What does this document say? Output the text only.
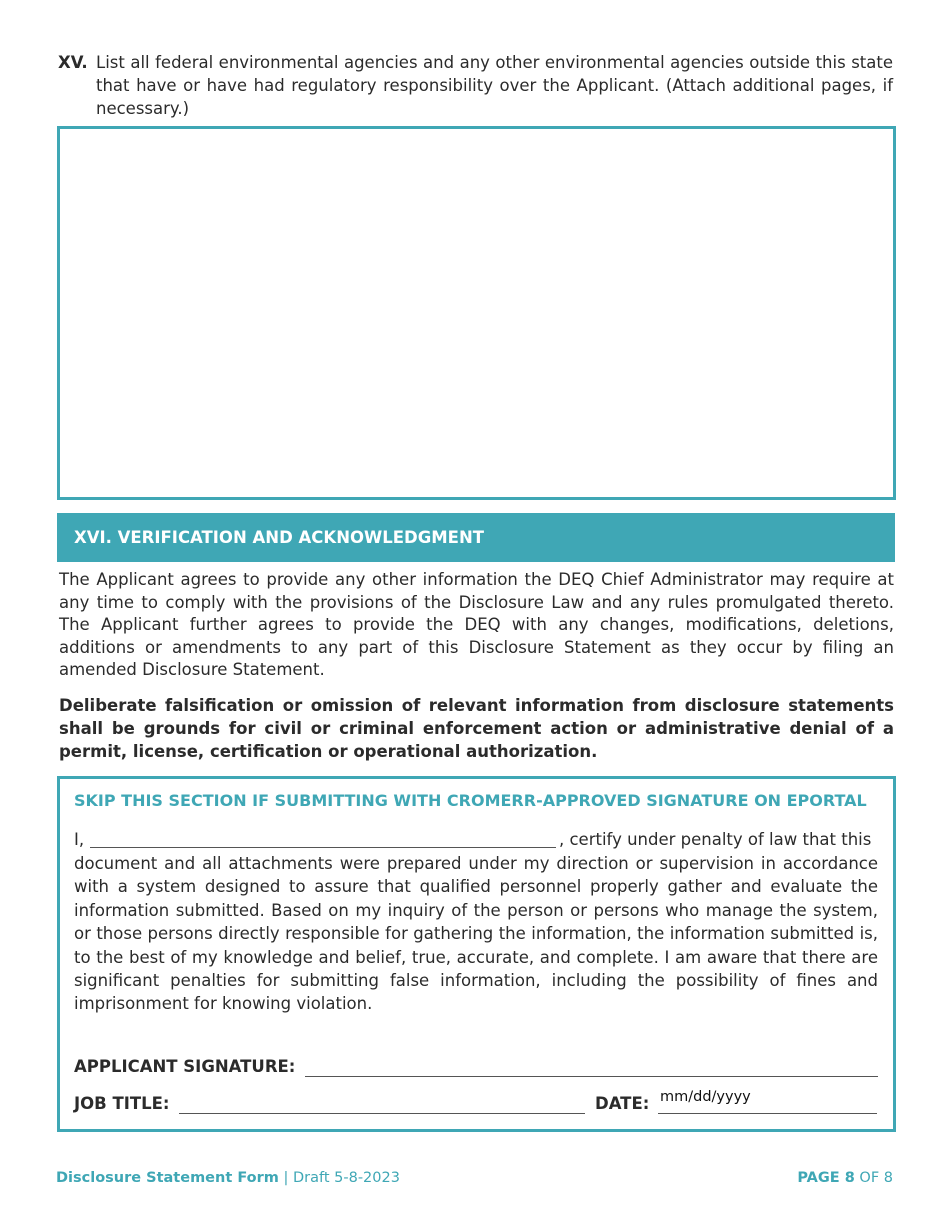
XV. List all federal environmental agencies and any other environmental agencies outside this state that have or have had regulatory responsibility over the Applicant. (Attach additional pages, if necessary.)
XVI. VERIFICATION AND ACKNOWLEDGMENT
The Applicant agrees to provide any other information the DEQ Chief Administrator may require at any time to comply with the provisions of the Disclosure Law and any rules promulgated thereto. The Applicant further agrees to provide the DEQ with any changes, modifications, deletions, additions or amendments to any part of this Disclosure Statement as they occur by filing an amended Disclosure Statement.
Deliberate falsification or omission of relevant information from disclosure statements shall be grounds for civil or criminal enforcement action or administrative denial of a permit, license, certification or operational authorization.
SKIP THIS SECTION IF SUBMITTING WITH CROMERR-APPROVED SIGNATURE ON EPORTAL
I,	, certify under penalty of law that this
document and all attachments were prepared under my direction or supervision in accordance with a system designed to assure that qualified personnel properly gather and evaluate the information submitted. Based on my inquiry of the person or persons who manage the system, or those persons directly responsible for gathering the information, the information submitted is, to the best of my knowledge and belief, true, accurate, and complete. I am aware that there are significant penalties for submitting false information, including the possibility of fines and imprisonment for knowing violation.
APPLICANT SIGNATURE:
JOB TITLE:	DATE: mm/dd/yyyy
Disclosure Statement Form | Draft 5-8-2023	PAGE 8 OF 8
